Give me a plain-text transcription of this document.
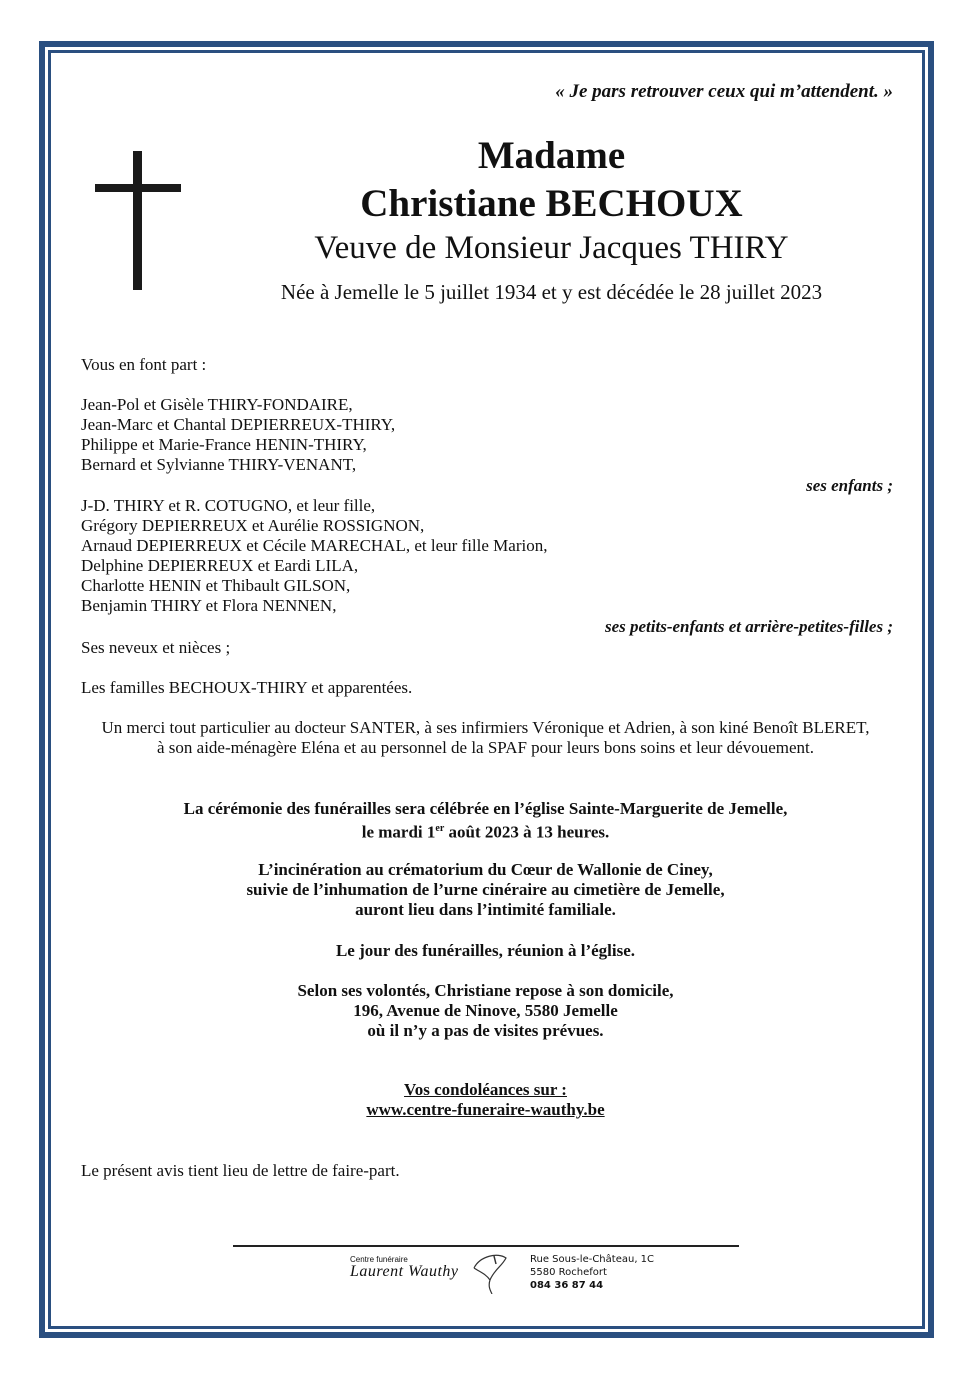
« Je pars retrouver ceux qui m’attendent. »
Madame
Christiane BECHOUX
Veuve de Monsieur Jacques THIRY
Née à Jemelle le 5 juillet 1934 et y est décédée le 28 juillet 2023
Vous en font part :
Jean-Pol et Gisèle THIRY-FONDAIRE,
Jean-Marc et Chantal DEPIERREUX-THIRY,
Philippe et Marie-France HENIN-THIRY,
Bernard et Sylvianne THIRY-VENANT,
ses enfants ;
J-D. THIRY et R. COTUGNO, et leur fille,
Grégory DEPIERREUX et Aurélie ROSSIGNON,
Arnaud DEPIERREUX et Cécile MARECHAL, et leur fille Marion,
Delphine DEPIERREUX et Eardi LILA,
Charlotte HENIN et Thibault GILSON,
Benjamin THIRY et Flora NENNEN,
ses petits-enfants et arrière-petites-filles ;
Ses neveux et nièces ;
Les familles BECHOUX-THIRY et apparentées.
Un merci tout particulier au docteur SANTER, à ses infirmiers Véronique et Adrien, à son kiné Benoît BLERET,
à son aide-ménagère Eléna et au personnel de la SPAF pour leurs bons soins et leur dévouement.
La cérémonie des funérailles sera célébrée en l’église Sainte-Marguerite de Jemelle,
le mardi 1er août 2023 à 13 heures.
L’incinération au crématorium du Cœur de Wallonie de Ciney,
suivie de l’inhumation de l’urne cinéraire au cimetière de Jemelle,
auront lieu dans l’intimité familiale.
Le jour des funérailles, réunion à l’église.
Selon ses volontés, Christiane repose à son domicile,
196, Avenue de Ninove, 5580 Jemelle
où il n’y a pas de visites prévues.
Vos condoléances sur :
www.centre-funeraire-wauthy.be
Le présent avis tient lieu de lettre de faire-part.
Centre funéraire
Laurent Wauthy
Rue Sous-le-Château, 1C
5580 Rochefort
084 36 87 44
